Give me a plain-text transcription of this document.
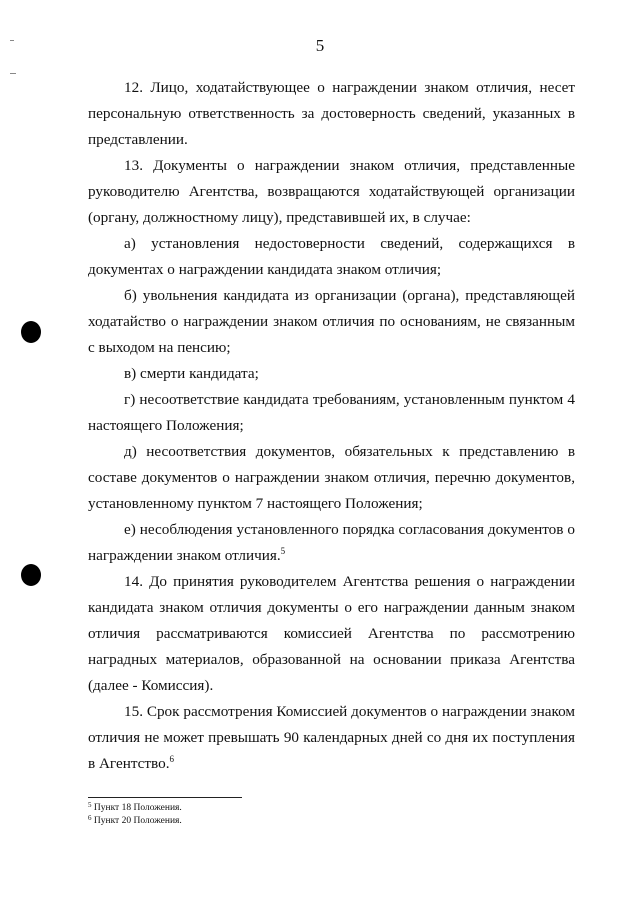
5

12. Лицо, ходатайствующее о награждении знаком отличия, несет персональную ответственность за достоверность сведений, указанных в представлении.

13. Документы о награждении знаком отличия, представленные руководителю Агентства, возвращаются ходатайствующей организации (органу, должностному лицу), представившей их, в случае:

а) установления недостоверности сведений, содержащихся в документах о награждении кандидата знаком отличия;

б) увольнения кандидата из организации (органа), представляющей ходатайство о награждении знаком отличия по основаниям, не связанным с выходом на пенсию;

в) смерти кандидата;

г) несоответствие кандидата требованиям, установленным пунктом 4 настоящего Положения;

д) несоответствия документов, обязательных к представлению в составе документов о награждении знаком отличия, перечню документов, установленному пунктом 7 настоящего Положения;

е) несоблюдения установленного порядка согласования документов о награждении знаком отличия.$^5$

14. До принятия руководителем Агентства решения о награждении кандидата знаком отличия документы о его награждении данным знаком отличия рассматриваются комиссией Агентства по рассмотрению наградных материалов, образованной на основании приказа Агентства (далее - Комиссия).

15. Срок рассмотрения Комиссией документов о награждении знаком отличия не может превышать 90 календарных дней со дня их поступления в Агентство.$^6$

$^5$ Пункт 18 Положения.
$^6$ Пункт 20 Положения.
